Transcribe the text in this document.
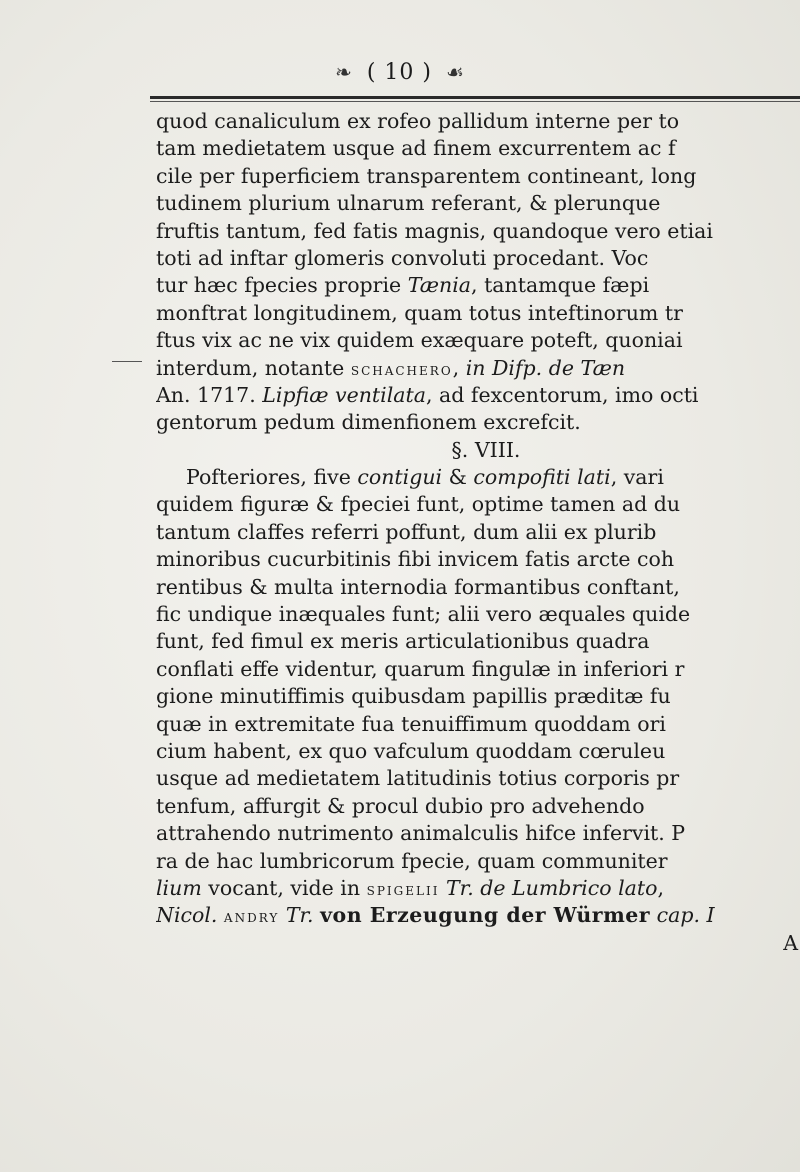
❧ ( 10 ) ☙
quod canaliculum ex rofeo pallidum interne per to
tam medietatem usque ad finem excurrentem ac f
cile per fuperficiem transparentem contineant, long
tudinem plurium ulnarum referant, & plerunque
fruftis tantum, fed fatis magnis, quandoque vero etiai
toti ad inftar glomeris convoluti procedant. Voc
tur hæc fpecies proprie Tænia, tantamque fæpi
monftrat longitudinem, quam totus inteftinorum tr
ftus vix ac ne vix quidem exæquare poteft, quoniai
interdum, notante schachero, in Difp. de Tæn
An. 1717. Lipfiæ ventilata, ad fexcentorum, imo octi
gentorum pedum dimenfionem excrefcit.
§. VIII.
Pofteriores, five contigui & compofiti lati, vari
quidem figuræ & fpeciei funt, optime tamen ad du
tantum claffes referri poffunt, dum alii ex plurib
minoribus cucurbitinis fibi invicem fatis arcte coh
rentibus & multa internodia formantibus conftant,
fic undique inæquales funt; alii vero æquales quide
funt, fed fimul ex meris articulationibus quadra
conflati effe videntur, quarum fingulæ in inferiori r
gione minutiffimis quibusdam papillis præditæ fu
quæ in extremitate fua tenuiffimum quoddam ori
cium habent, ex quo vafculum quoddam cœruleu
usque ad medietatem latitudinis totius corporis pr
tenfum, affurgit & procul dubio pro advehendo
attrahendo nutrimento animalculis hifce infervit. P
ra de hac lumbricorum fpecie, quam communiter
lium vocant, vide in spigelii Tr. de Lumbrico lato,
Nicol. andry Tr. von Erzeugung der Würmer cap. I
A
